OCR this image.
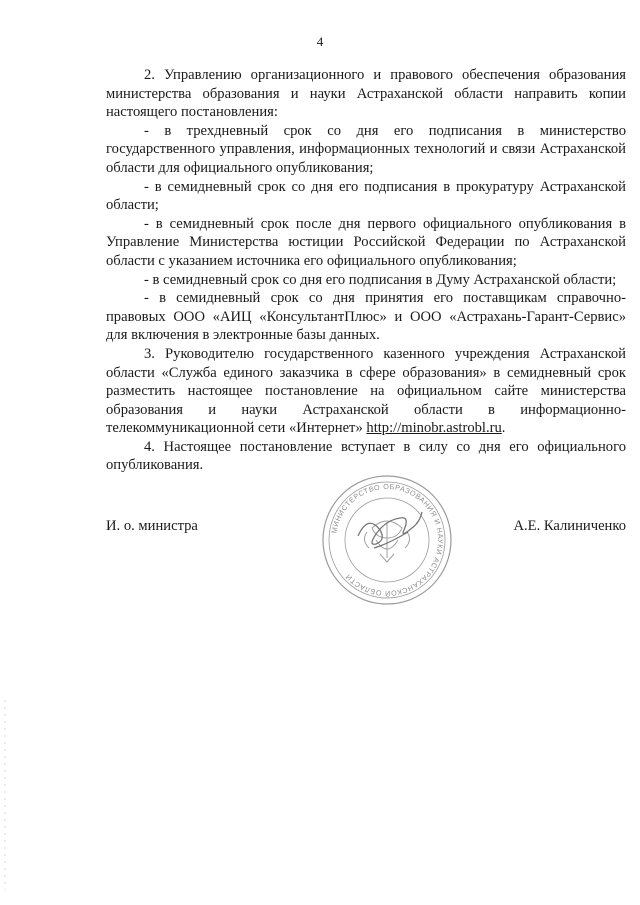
4

2. Управлению организационного и правового обеспечения образования министерства образования и науки Астраханской области направить копии настоящего постановления:

- в трехдневный срок со дня его подписания в министерство государственного управления, информационных технологий и связи Астраханской области для официального опубликования;

- в семидневный срок со дня его подписания в прокуратуру Астраханской области;

- в семидневный срок после дня первого официального опубликования в Управление Министерства юстиции Российской Федерации по Астраханской области с указанием источника его официального опубликования;

- в семидневный срок со дня его подписания в Думу Астраханской области;

- в семидневный срок со дня принятия его поставщикам справочно-правовых ООО «АИЦ «КонсультантПлюс» и ООО «Астрахань-Гарант-Сервис» для включения в электронные базы данных.

3. Руководителю государственного казенного учреждения Астраханской области «Служба единого заказчика в сфере образования» в семидневный срок разместить настоящее постановление на официальном сайте министерства образования и науки Астраханской области в информационно-телекоммуникационной сети «Интернет» http://minobr.astrobl.ru.

4. Настоящее постановление вступает в силу со дня его официального опубликования.

МИНИСТЕРСТВО ОБРАЗОВАНИЯ И НАУКИ АСТРАХАНСКОЙ ОБЛАСТИ
И. о. министра	А.Е. Калиниченко
